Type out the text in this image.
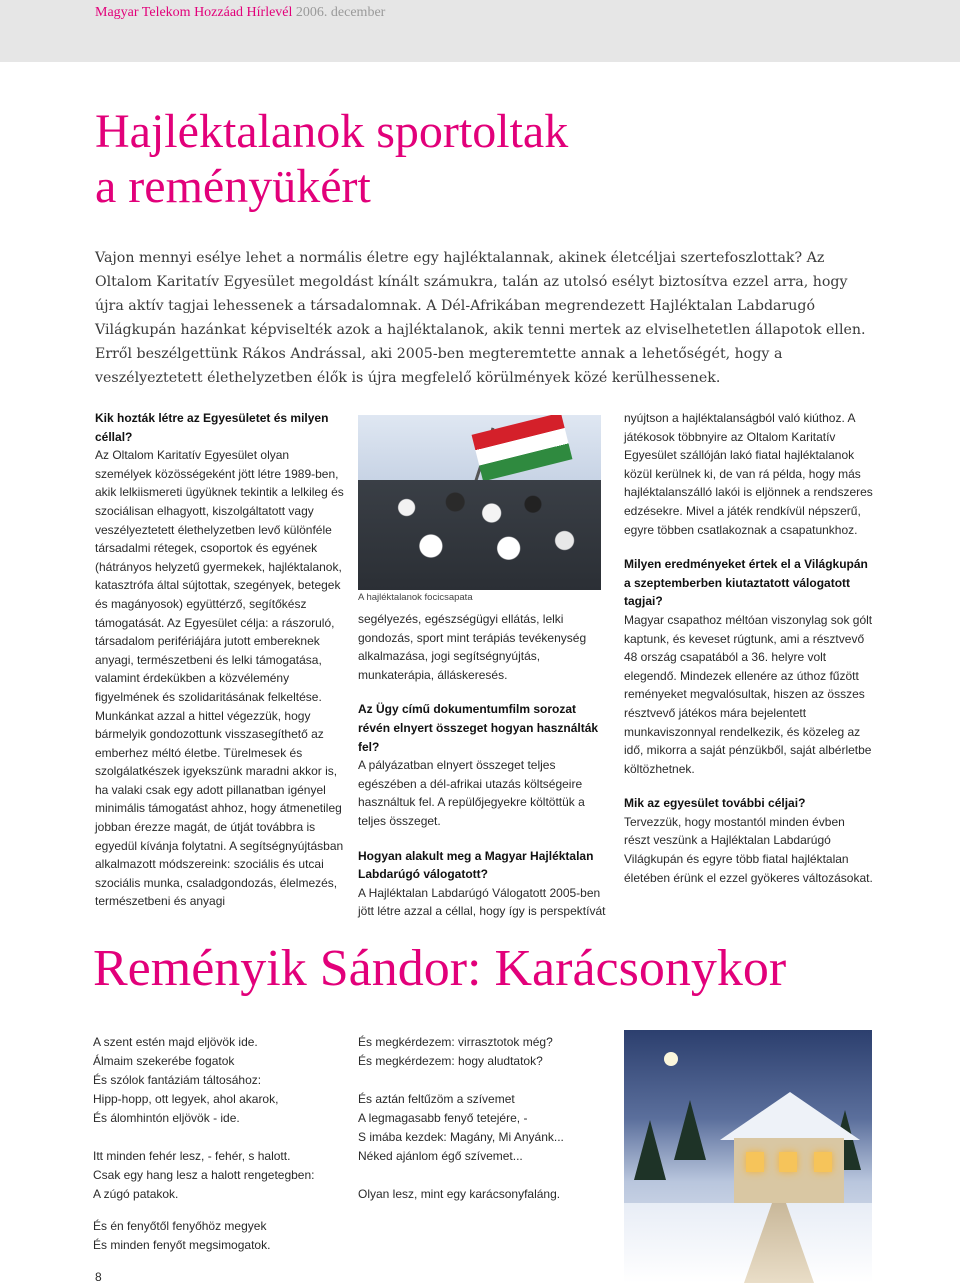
Magyar Telekom Hozzáad Hírlevél 2006. december
Hajléktalanok sportoltak
a reményükért

Vajon mennyi esélye lehet a normális életre egy hajléktalannak, akinek életcéljai szertefoszlottak? Az Oltalom Karitatív Egyesület megoldást kínált számukra, talán az utolsó esélyt biztosítva ezzel arra, hogy újra aktív tagjai lehessenek a társadalomnak. A Dél-Afrikában megrendezett Hajléktalan Labdarugó Világkupán hazánkat képviselték azok a hajléktalanok, akik tenni mertek az elviselhetetlen állapotok ellen. Erről beszélgettünk Rákos Andrással, aki 2005-ben megteremtette annak a lehetőségét, hogy a veszélyeztetett élethelyzetben élők is újra megfelelő körülmények közé kerülhessenek.

Kik hozták létre az Egyesületet és milyen céllal?

Az Oltalom Karitatív Egyesület olyan személyek közösségeként jött létre 1989-ben, akik lelkiismereti ügyüknek tekintik a lelkileg és szociálisan elhagyott, kiszolgáltatott vagy veszélyeztetett élethelyzetben levő különféle társadalmi rétegek, csoportok és egyének (hátrányos helyzetű gyermekek, hajléktalanok, katasztrófa által sújtottak, szegények, betegek és magányosok) együttérző, segítőkész támogatását. Az Egyesület célja: a rászoruló, társadalom perifériájára jutott embereknek anyagi, természetbeni és lelki támogatása, valamint érdekükben a közvélemény figyelmének és szolidaritásának felkeltése. Munkánkat azzal a hittel végezzük, hogy bármelyik gondozottunk visszasegíthető az emberhez méltó életbe. Türelmesek és szolgálatkészek igyekszünk maradni akkor is, ha valaki csak egy adott pillanatban igényel minimális támogatást ahhoz, hogy átmenetileg jobban érezze magát, de útját továbbra is egyedül kívánja folytatni. A segítségnyújtásban alkalmazott módszereink: szociális és utcai szociális munka, csaladgondozás, élelmezés, természetbeni és anyagi

A hajléktalanok focicsapata

segélyezés, egészségügyi ellátás, lelki gondozás, sport mint terápiás tevékenység alkalmazása, jogi segítségnyújtás, munkaterápia, álláskeresés.

Az Ügy című dokumentumfilm sorozat révén elnyert összeget hogyan használták fel?

A pályázatban elnyert összeget teljes egészében a dél-afrikai utazás költségeire használtuk fel. A repülőjegyekre költöttük a teljes összeget.

Hogyan alakult meg a Magyar Hajléktalan Labdarúgó válogatott?

A Hajléktalan Labdarúgó Válogatott 2005-ben jött létre azzal a céllal, hogy így is perspektívát

nyújtson a hajléktalanságból való kiúthoz. A játékosok többnyire az Oltalom Karitatív Egyesület szállóján lakó fiatal hajléktalanok közül kerülnek ki, de van rá példa, hogy más hajléktalanszálló lakói is eljönnek a rendszeres edzésekre. Mivel a játék rendkívül népszerű, egyre többen csatlakoznak a csapatunkhoz.

Milyen eredményeket értek el a Világkupán a szeptemberben kiutaztatott válogatott tagjai?

Magyar csapathoz méltóan viszonylag sok gólt kaptunk, és keveset rúgtunk, ami a résztvevő 48 ország csapatából a 36. helyre volt elegendő. Mindezek ellenére az úthoz fűzött reményeket megvalósultak, hiszen az összes résztvevő játékos mára bejelentett munkaviszonnyal rendelkezik, és közeleg az idő, mikorra a saját pénzükből, saját albérletbe költözhetnek.

Mik az egyesület további céljai?

Tervezzük, hogy mostantól minden évben részt veszünk a Hajléktalan Labdarúgó Világkupán és egyre több fiatal hajléktalan életében érünk el ezzel gyökeres változásokat.

Reményik Sándor: Karácsonykor
A szent estén majd eljövök ide.
Álmaim szekerébe fogatok
És szólok fantáziám táltosához:
Hipp-hopp, ott legyek, ahol akarok,
És álomhintón eljövök - ide.
Itt minden fehér lesz, - fehér, s halott.
Csak egy hang lesz a halott rengetegben:
A zúgó patakok.
És megkérdezem: virrasztotok még?
És megkérdezem: hogy aludtatok?
És aztán feltűzöm a szívemet
A legmagasabb fenyő tetejére, -
S imába kezdek: Magány, Mi Anyánk...
Néked ajánlom égő szívemet...
Olyan lesz, mint egy karácsonyfaláng.
És én fenyőtől fenyőhöz megyek
És minden fenyőt megsimogatok.
8
